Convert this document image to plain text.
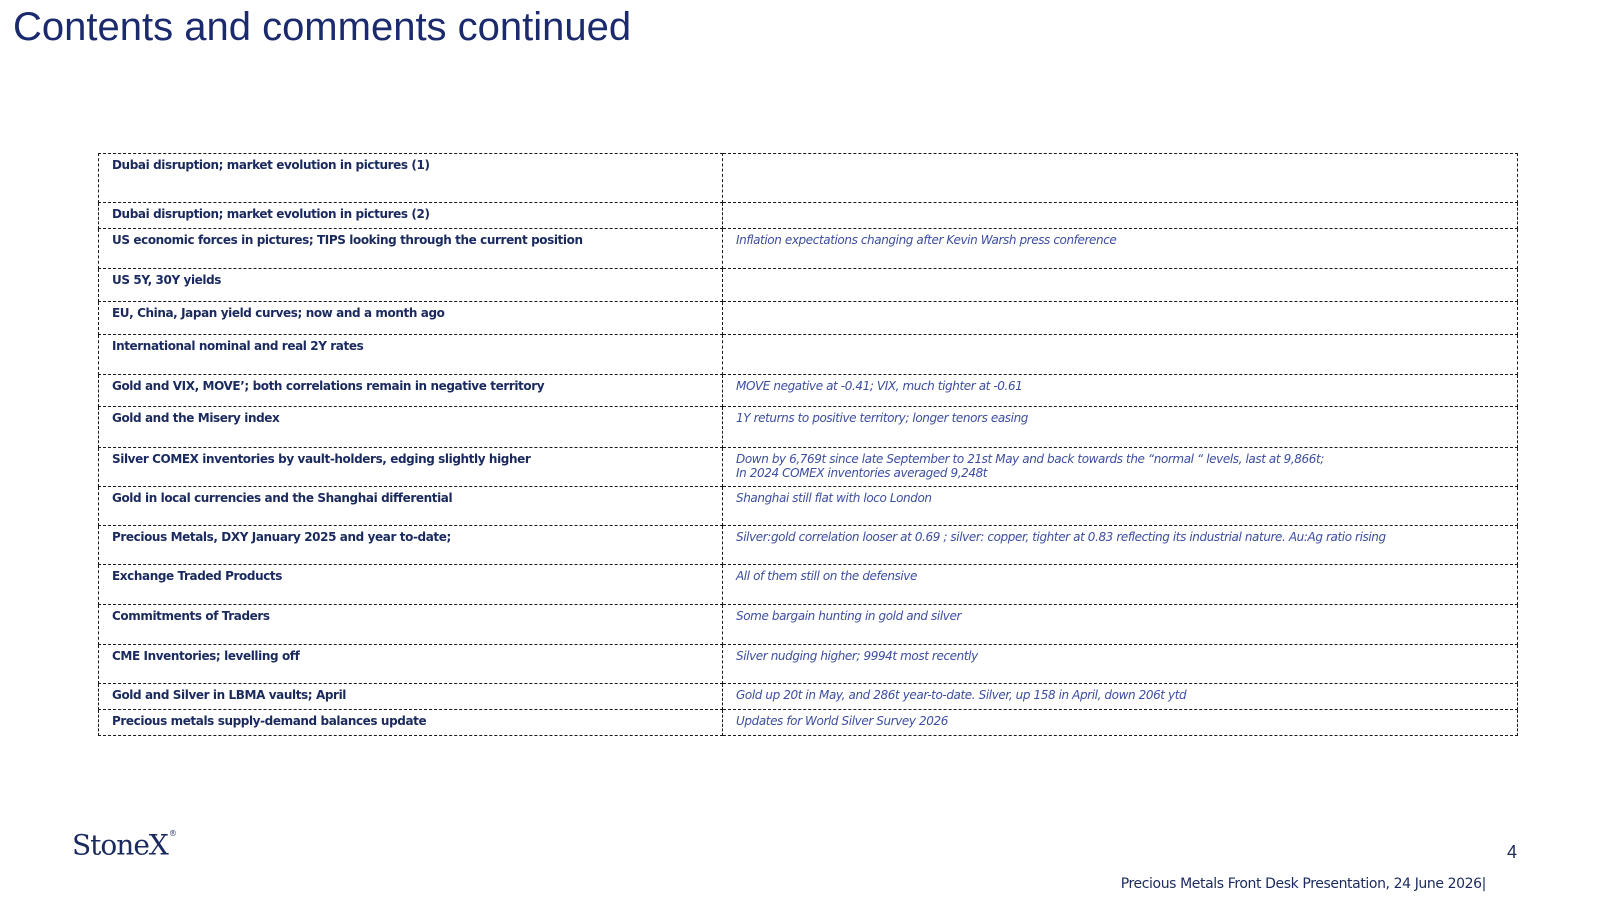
Contents and comments continued
Dubai disruption; market evolution in pictures (1)	
Dubai disruption; market evolution in pictures (2)	
US economic forces in pictures; TIPS looking through the current position	Inflation expectations changing after Kevin Warsh press conference

US 5Y, 30Y yields	
EU, China, Japan yield curves; now and a month ago	
International nominal and real 2Y rates	
Gold and VIX, MOVE’; both correlations remain in negative territory	MOVE negative at -0.41; VIX, much tighter at -0.61

Gold and the Misery index	1Y returns to positive territory; longer tenors easing

Silver COMEX inventories by vault-holders, edging slightly higher	Down by 6,769t since late September to 21st May and back towards the “normal “ levels, last at 9,866t;
In 2024 COMEX inventories averaged 9,248t

Gold in local currencies and the Shanghai differential	Shanghai still flat with loco London

Precious Metals, DXY January 2025 and year to-date;	Silver:gold correlation looser at 0.69 ; silver: copper, tighter at 0.83 reflecting its industrial nature. Au:Ag ratio rising

Exchange Traded Products	All of them still on the defensive

Commitments of Traders	Some bargain hunting in gold and silver

CME Inventories; levelling off	Silver nudging higher; 9994t most recently

Gold and Silver in LBMA vaults; April	Gold up 20t in May, and 286t year-to-date. Silver, up 158 in April, down 206t ytd

Precious metals supply-demand balances update	Updates for World Silver Survey 2026
StoneX®
4
Precious Metals Front Desk Presentation, 24 June 2026|
